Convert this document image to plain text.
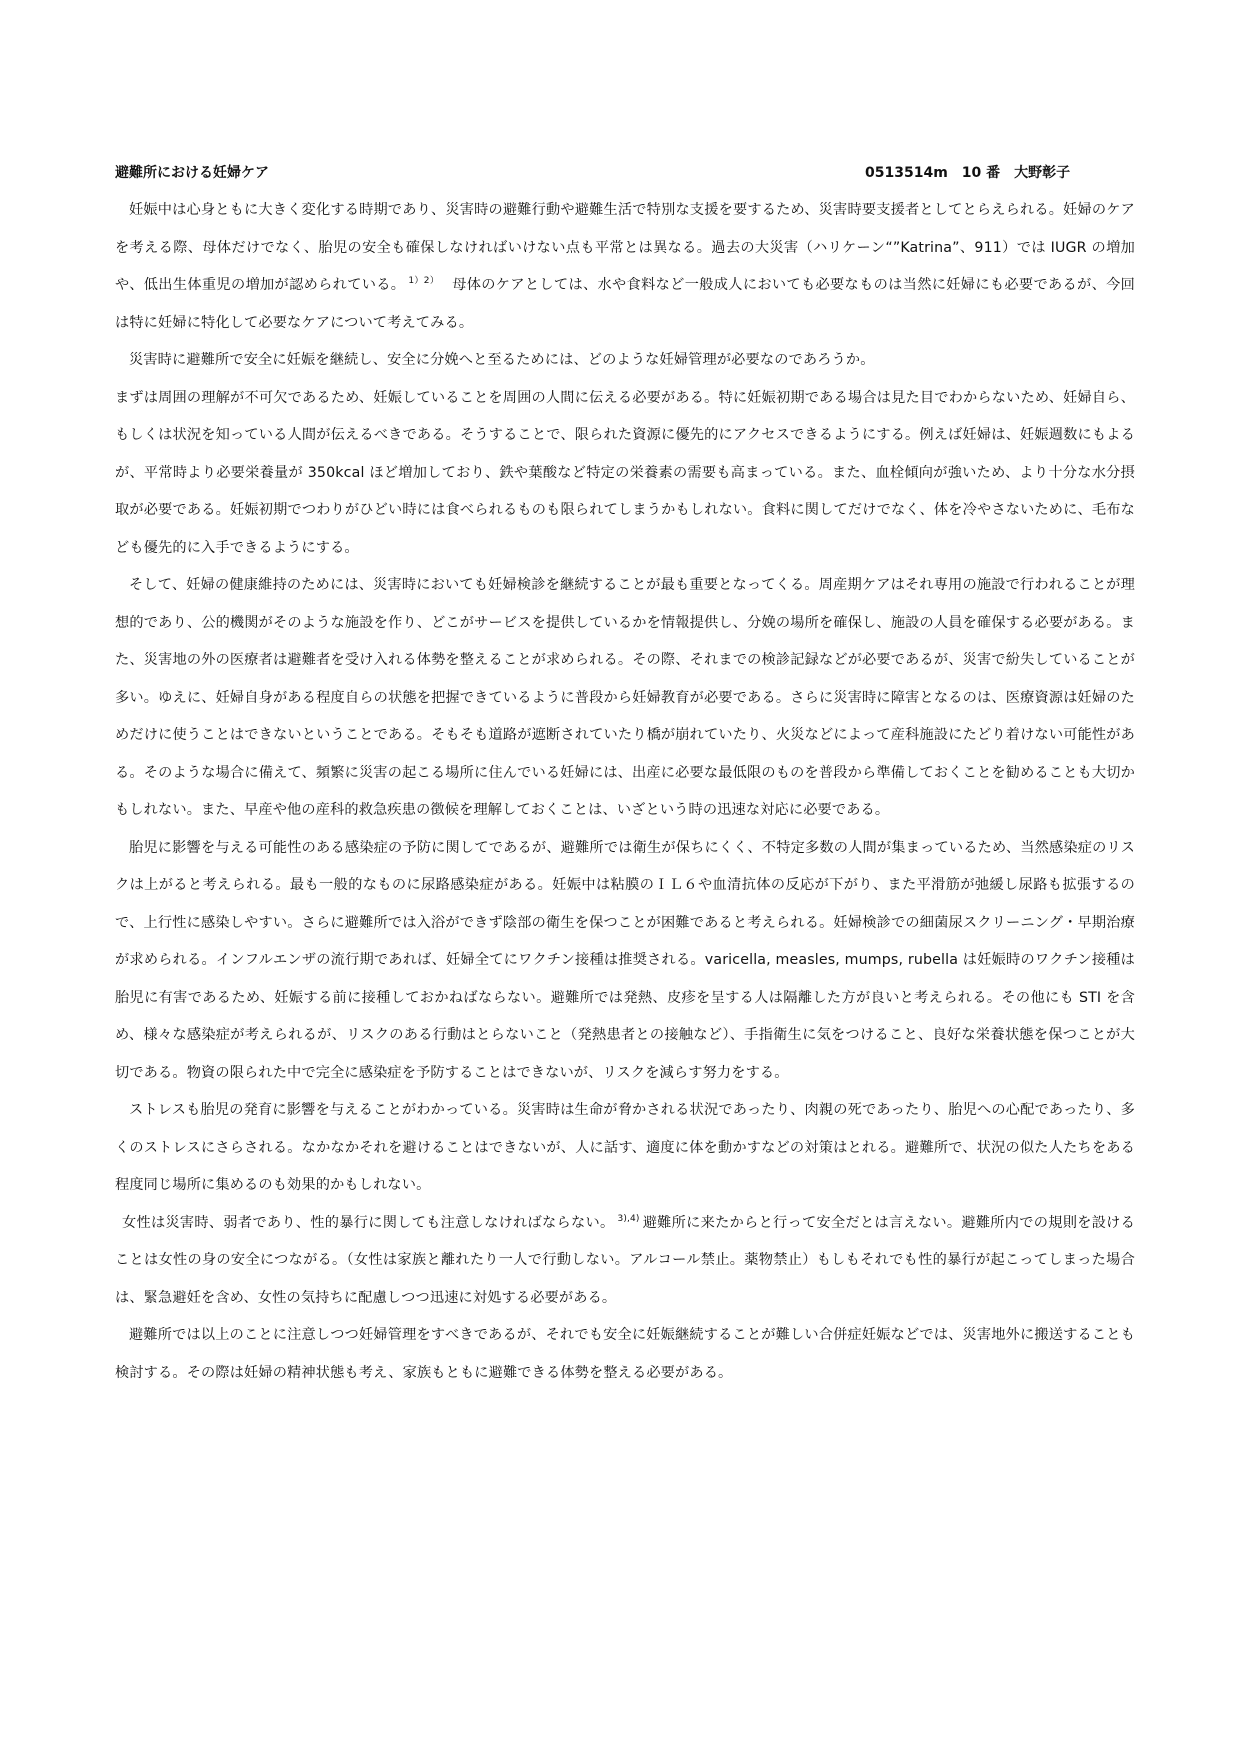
避難所における妊婦ケア	0513514m　10 番　大野彰子

妊娠中は心身ともに大きく変化する時期であり、災害時の避難行動や避難生活で特別な支援を要するため、災害時要支援者としてとらえられる。妊婦のケアを考える際、母体だけでなく、胎児の安全も確保しなければいけない点も平常とは異なる。過去の大災害（ハリケーン“”Katrina”、911）では IUGR の増加や、低出生体重児の増加が認められている。 $^{1)2)}$　母体のケアとしては、水や食料など一般成人においても必要なものは当然に妊婦にも必要であるが、今回は特に妊婦に特化して必要なケアについて考えてみる。

災害時に避難所で安全に妊娠を継続し、安全に分娩へと至るためには、どのような妊婦管理が必要なのであろうか。

まずは周囲の理解が不可欠であるため、妊娠していることを周囲の人間に伝える必要がある。特に妊娠初期である場合は見た目でわからないため、妊婦自ら、もしくは状況を知っている人間が伝えるべきである。そうすることで、限られた資源に優先的にアクセスできるようにする。例えば妊婦は、妊娠週数にもよるが、平常時より必要栄養量が 350kcal ほど増加しており、鉄や葉酸など特定の栄養素の需要も高まっている。また、血栓傾向が強いため、より十分な水分摂取が必要である。妊娠初期でつわりがひどい時には食べられるものも限られてしまうかもしれない。食料に関してだけでなく、体を冷やさないために、毛布なども優先的に入手できるようにする。

そして、妊婦の健康維持のためには、災害時においても妊婦検診を継続することが最も重要となってくる。周産期ケアはそれ専用の施設で行われることが理想的であり、公的機関がそのような施設を作り、どこがサービスを提供しているかを情報提供し、分娩の場所を確保し、施設の人員を確保する必要がある。また、災害地の外の医療者は避難者を受け入れる体勢を整えることが求められる。その際、それまでの検診記録などが必要であるが、災害で紛失していることが多い。ゆえに、妊婦自身がある程度自らの状態を把握できているように普段から妊婦教育が必要である。さらに災害時に障害となるのは、医療資源は妊婦のためだけに使うことはできないということである。そもそも道路が遮断されていたり橋が崩れていたり、火災などによって産科施設にたどり着けない可能性がある。そのような場合に備えて、頻繁に災害の起こる場所に住んでいる妊婦には、出産に必要な最低限のものを普段から準備しておくことを勧めることも大切かもしれない。また、早産や他の産科的救急疾患の徴候を理解しておくことは、いざという時の迅速な対応に必要である。

胎児に影響を与える可能性のある感染症の予防に関してであるが、避難所では衛生が保ちにくく、不特定多数の人間が集まっているため、当然感染症のリスクは上がると考えられる。最も一般的なものに尿路感染症がある。妊娠中は粘膜のＩＬ６や血清抗体の反応が下がり、また平滑筋が弛緩し尿路も拡張するので、上行性に感染しやすい。さらに避難所では入浴ができず陰部の衛生を保つことが困難であると考えられる。妊婦検診での細菌尿スクリーニング・早期治療が求められる。インフルエンザの流行期であれば、妊婦全てにワクチン接種は推奨される。varicella, measles, mumps, rubella は妊娠時のワクチン接種は胎児に有害であるため、妊娠する前に接種しておかねばならない。避難所では発熱、皮疹を呈する人は隔離した方が良いと考えられる。その他にも STI を含め、様々な感染症が考えられるが、リスクのある行動はとらないこと（発熱患者との接触など）、手指衛生に気をつけること、良好な栄養状態を保つことが大切である。物資の限られた中で完全に感染症を予防することはできないが、リスクを減らす努力をする。

ストレスも胎児の発育に影響を与えることがわかっている。災害時は生命が脅かされる状況であったり、肉親の死であったり、胎児への心配であったり、多くのストレスにさらされる。なかなかそれを避けることはできないが、人に話す、適度に体を動かすなどの対策はとれる。避難所で、状況の似た人たちをある程度同じ場所に集めるのも効果的かもしれない。

女性は災害時、弱者であり、性的暴行に関しても注意しなければならない。 $^{3),4)}$ 避難所に来たからと行って安全だとは言えない。避難所内での規則を設けることは女性の身の安全につながる。（女性は家族と離れたり一人で行動しない。アルコール禁止。薬物禁止）もしもそれでも性的暴行が起こってしまった場合は、緊急避妊を含め、女性の気持ちに配慮しつつ迅速に対処する必要がある。

避難所では以上のことに注意しつつ妊婦管理をすべきであるが、それでも安全に妊娠継続することが難しい合併症妊娠などでは、災害地外に搬送することも検討する。その際は妊婦の精神状態も考え、家族もともに避難できる体勢を整える必要がある。
